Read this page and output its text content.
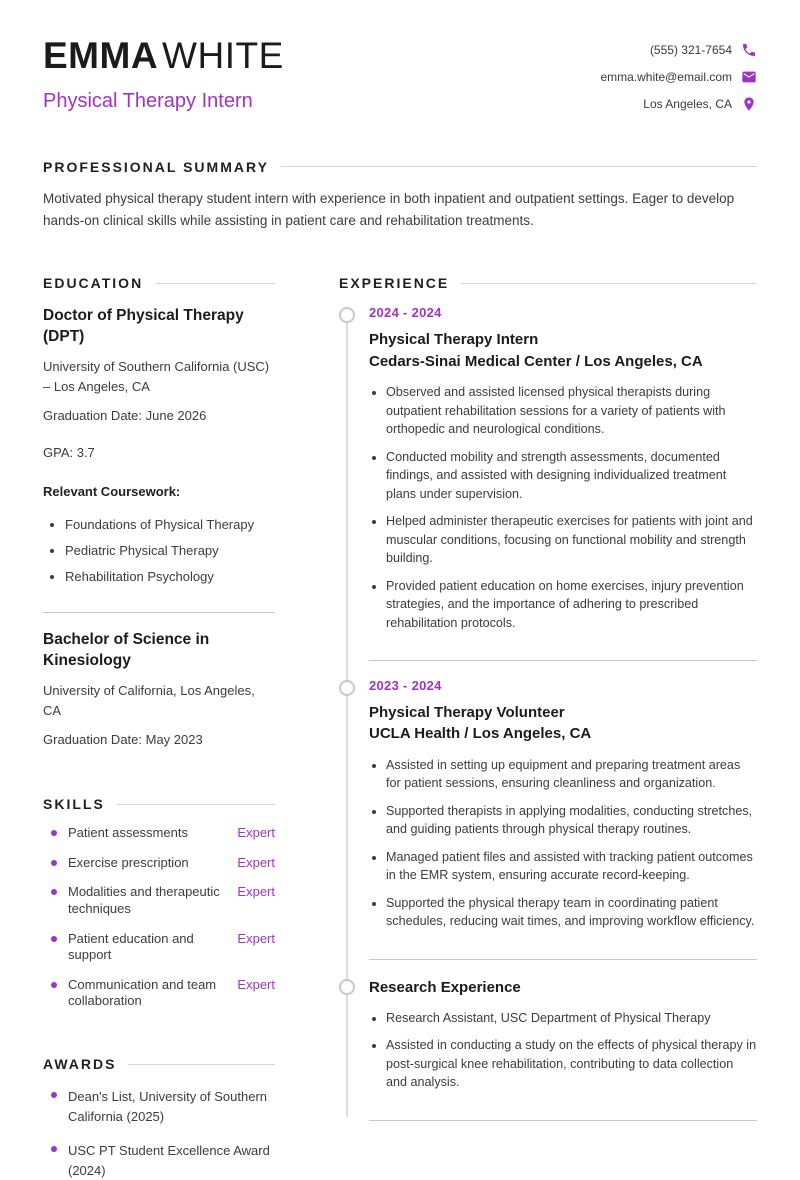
EMMA WHITE
Physical Therapy Intern
(555) 321-7654
emma.white@email.com
Los Angeles, CA
PROFESSIONAL SUMMARY

Motivated physical therapy student intern with experience in both inpatient and outpatient settings. Eager to develop hands-on clinical skills while assisting in patient care and rehabilitation treatments.

EDUCATION
Doctor of Physical Therapy (DPT)

University of Southern California (USC) – Los Angeles, CA

Graduation Date: June 2026

GPA: 3.7

Relevant Coursework:

• Foundations of Physical Therapy
• Pediatric Physical Therapy
• Rehabilitation Psychology
Bachelor of Science in Kinesiology

University of California, Los Angeles, CA

Graduation Date: May 2023

SKILLS
Patient assessments	Expert
Exercise prescription	Expert
Modalities and therapeutic techniques
Expert
Patient education and support
Expert
Communication and team collaboration
Expert
AWARDS
Dean's List, University of Southern California (2025)
USC PT Student Excellence Award (2024)
EXPERIENCE
2024 - 2024
Physical Therapy Intern
Cedars-Sinai Medical Center / Los Angeles, CA
• Observed and assisted licensed physical therapists during outpatient rehabilitation sessions for a variety of patients with orthopedic and neurological conditions.
• Conducted mobility and strength assessments, documented findings, and assisted with designing individualized treatment plans under supervision.
• Helped administer therapeutic exercises for patients with joint and muscular conditions, focusing on functional mobility and strength building.
• Provided patient education on home exercises, injury prevention strategies, and the importance of adhering to prescribed rehabilitation protocols.
2023 - 2024
Physical Therapy Volunteer
UCLA Health / Los Angeles, CA
• Assisted in setting up equipment and preparing treatment areas for patient sessions, ensuring cleanliness and organization.
• Supported therapists in applying modalities, conducting stretches, and guiding patients through physical therapy routines.
• Managed patient files and assisted with tracking patient outcomes in the EMR system, ensuring accurate record-keeping.
• Supported the physical therapy team in coordinating patient schedules, reducing wait times, and improving workflow efficiency.
Research Experience
• Research Assistant, USC Department of Physical Therapy
• Assisted in conducting a study on the effects of physical therapy in post-surgical knee rehabilitation, contributing to data collection and analysis.
